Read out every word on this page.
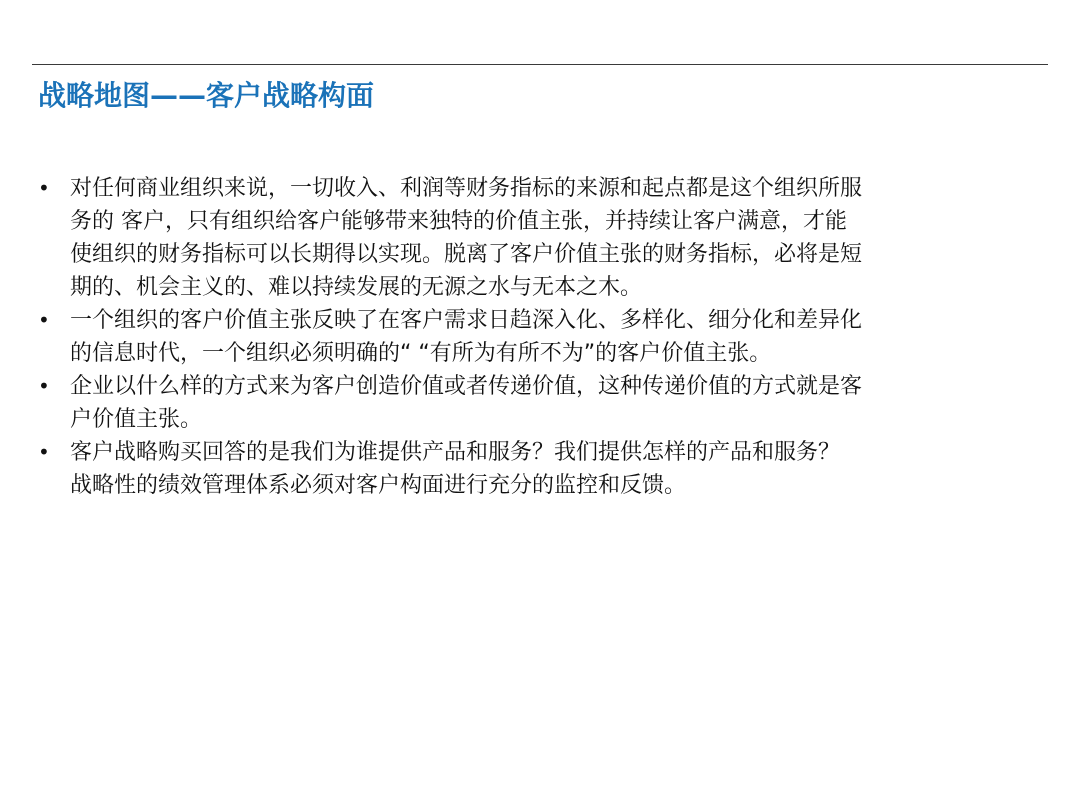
战略地图——客户战略构面
• 对任何商业组织来说，一切收入、利润等财务指标的来源和起点都是这个组织所服
务的 客户，只有组织给客户能够带来独特的价值主张，并持续让客户满意，才能
使组织的财务指标可以长期得以实现。脱离了客户价值主张的财务指标，必将是短
期的、机会主义的、难以持续发展的无源之水与无本之木。
• 一个组织的客户价值主张反映了在客户需求日趋深入化、多样化、细分化和差异化
的信息时代，一个组织必须明确的“ “有所为有所不为”的客户价值主张。
• 企业以什么样的方式来为客户创造价值或者传递价值，这种传递价值的方式就是客
户价值主张。
• 客户战略购买回答的是我们为谁提供产品和服务？我们提供怎样的产品和服务？
战略性的绩效管理体系必须对客户构面进行充分的监控和反馈。
